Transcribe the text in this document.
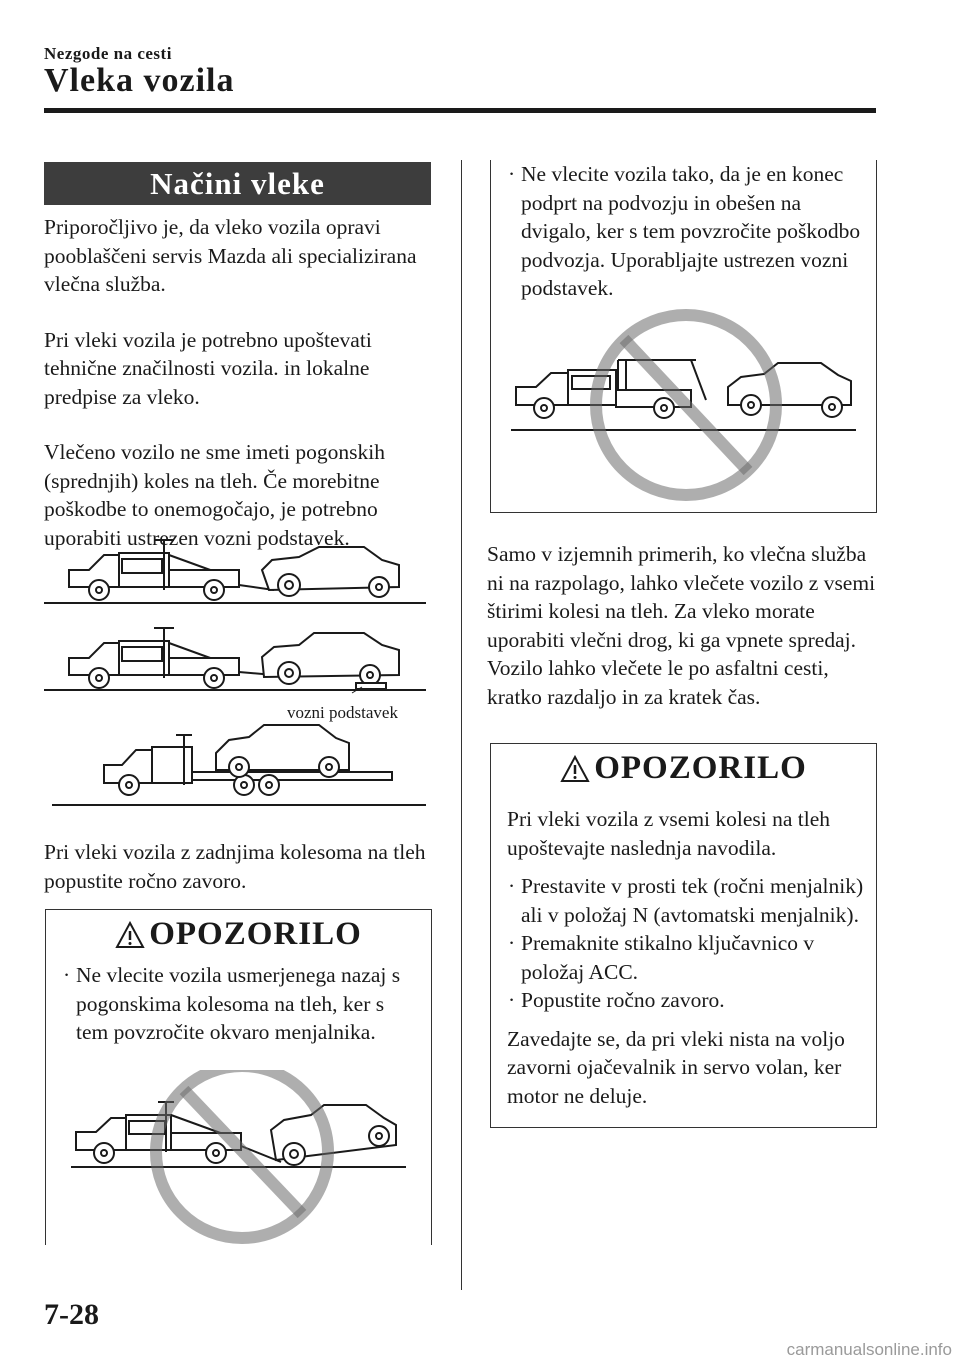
Nezgode na cesti
Vleka vozila
Načini vleke

Priporočljivo je, da vleko vozila opravi pooblaščeni servis Mazda ali specializirana vlečna služba.

Pri vleki vozila je potrebno upoštevati tehnične značilnosti vozila. in lokalne predpise za vleko.

Vlečeno vozilo ne sme imeti pogonskih (sprednjih) koles na tleh. Če morebitne poškodbe to onemogočajo, je potrebno uporabiti ustrezen vozni podstavek.

vozni podstavek
Pri vleki vozila z zadnjima kolesoma na tleh popustite ročno zavoro.
OPOZORILO
· Ne vlecite vozila usmerjenega nazaj s pogonskima kolesoma na tleh, ker s tem povzročite okvaro menjalnika.
· Ne vlecite vozila tako, da je en konec podprt na podvozju in obešen na dvigalo, ker s tem povzročite poškodbo podvozja. Uporabljajte ustrezen vozni podstavek.

Samo v izjemnih primerih, ko vlečna služba ni na razpolago, lahko vlečete vozilo z vsemi štirimi kolesi na tleh. Za vleko morate uporabiti vlečni drog, ki ga vpnete spredaj.

Vozilo lahko vlečete le po asfaltni cesti, kratko razdaljo in za kratek čas.

OPOZORILO
Pri vleki vozila z vsemi kolesi na tleh upoštevajte naslednja navodila.
· Prestavite v prosti tek (ročni menjalnik) ali v položaj N (avtomatski menjalnik).
· Premaknite stikalno ključavnico v položaj ACC.
· Popustite ročno zavoro.
Zavedajte se, da pri vleki nista na voljo zavorni ojačevalnik in servo volan, ker motor ne deluje.
7-28
carmanualsonline.info
